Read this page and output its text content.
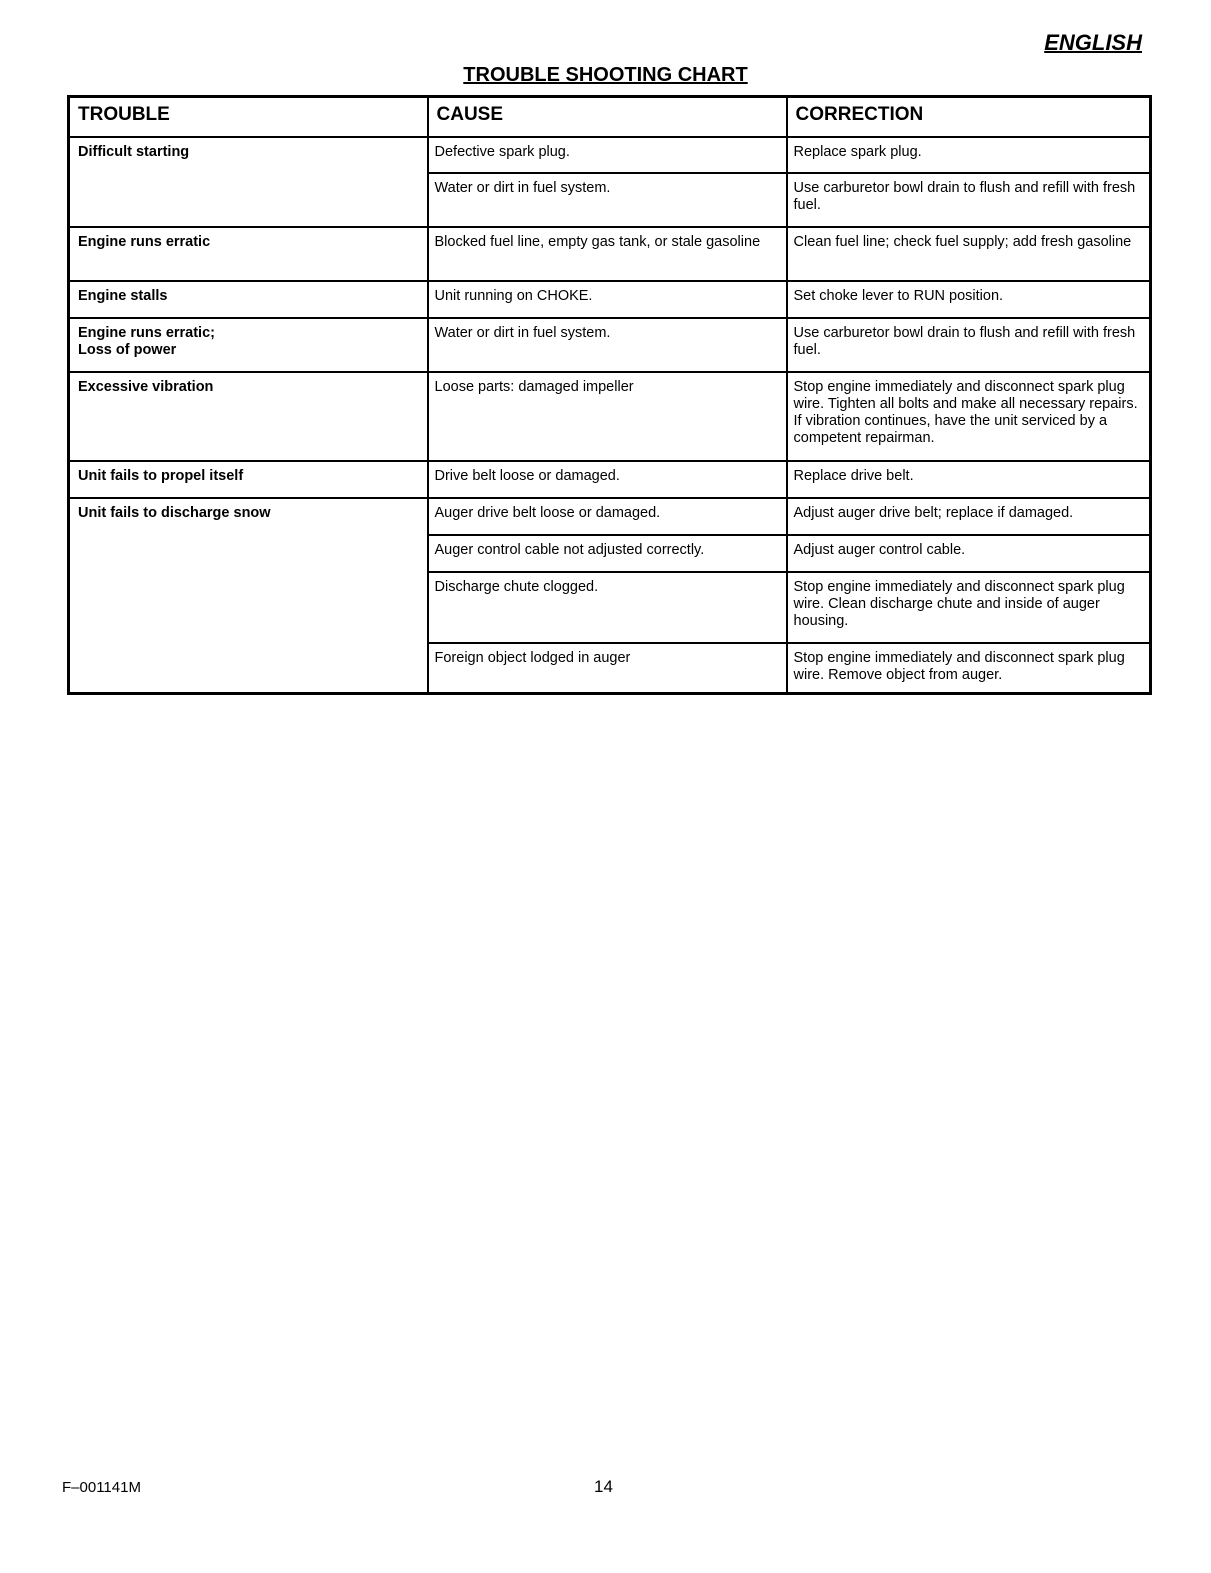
ENGLISH
TROUBLE SHOOTING CHART
TROUBLE	CAUSE	CORRECTION
Difficult starting	Defective spark plug.	Replace spark plug.
	Water or dirt in fuel system.	Use carburetor bowl drain to flush and refill with fresh fuel.
Engine runs erratic	Blocked fuel line, empty gas tank, or stale gasoline	Clean fuel line; check fuel supply; add fresh gasoline
Engine stalls	Unit running on CHOKE.	Set choke lever to RUN position.

Engine runs erratic;
Loss of power	Water or dirt in fuel system.	Use carburetor bowl drain to flush and refill with fresh fuel.
Excessive vibration	Loose parts: damaged impeller	Stop engine immediately and disconnect spark plug wire. Tighten all bolts and make all necessary repairs. If vibration continues, have the unit serviced by a competent repairman.
Unit fails to propel itself	Drive belt loose or damaged.	Replace drive belt.
Unit fails to discharge snow	Auger drive belt loose or damaged.	Adjust auger drive belt; replace if damaged.
	Auger control cable not adjusted correctly.	Adjust auger control cable.
	Discharge chute clogged.	Stop engine immediately and disconnect spark plug wire. Clean discharge chute and inside of auger housing.
	Foreign object lodged in auger	Stop engine immediately and disconnect spark plug wire. Remove object from auger.
F–001141M	14
